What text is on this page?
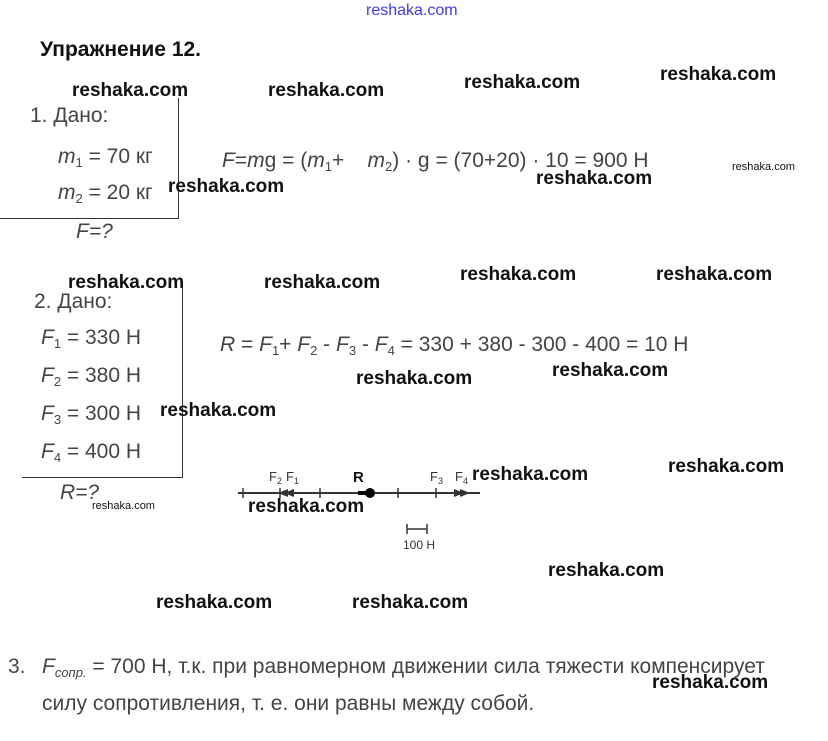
reshaka.com
Упражнение 12.
1. Дано:
$m_1 = 70$ кг
$m_2 = 20$ кг
F=?
$F=mg = (m_1+$    $m_2) \cdot g = (70+20) \cdot 10 = 900$ Н
2. Дано:
$F_1 = 330$ Н
$F_2 = 380$ Н
$F_3 = 300$ Н
$F_4 = 400$ Н
R=?
$R = F_1+ F_2 - F_3 - F_4 = 330 + 380 - 300 - 400 = 10$ Н
$F_2$ $F_1$	R	$F_3$ $F_4$
100 Н
3. $F_{сопр.} = 700$ Н, т.к. при равномерном движении сила тяжести компенсирует
силу сопротивления, т. е. они равны между собой.
reshaka.com	reshaka.com	reshaka.com	reshaka.com
reshaka.com	reshaka.com
reshaka.com
reshaka.com	reshaka.com	reshaka.com	reshaka.com
reshaka.com	reshaka.com
reshaka.com
reshaka.com	reshaka.com
reshaka.com	reshaka.com
reshaka.com
reshaka.com	reshaka.com
reshaka.com
